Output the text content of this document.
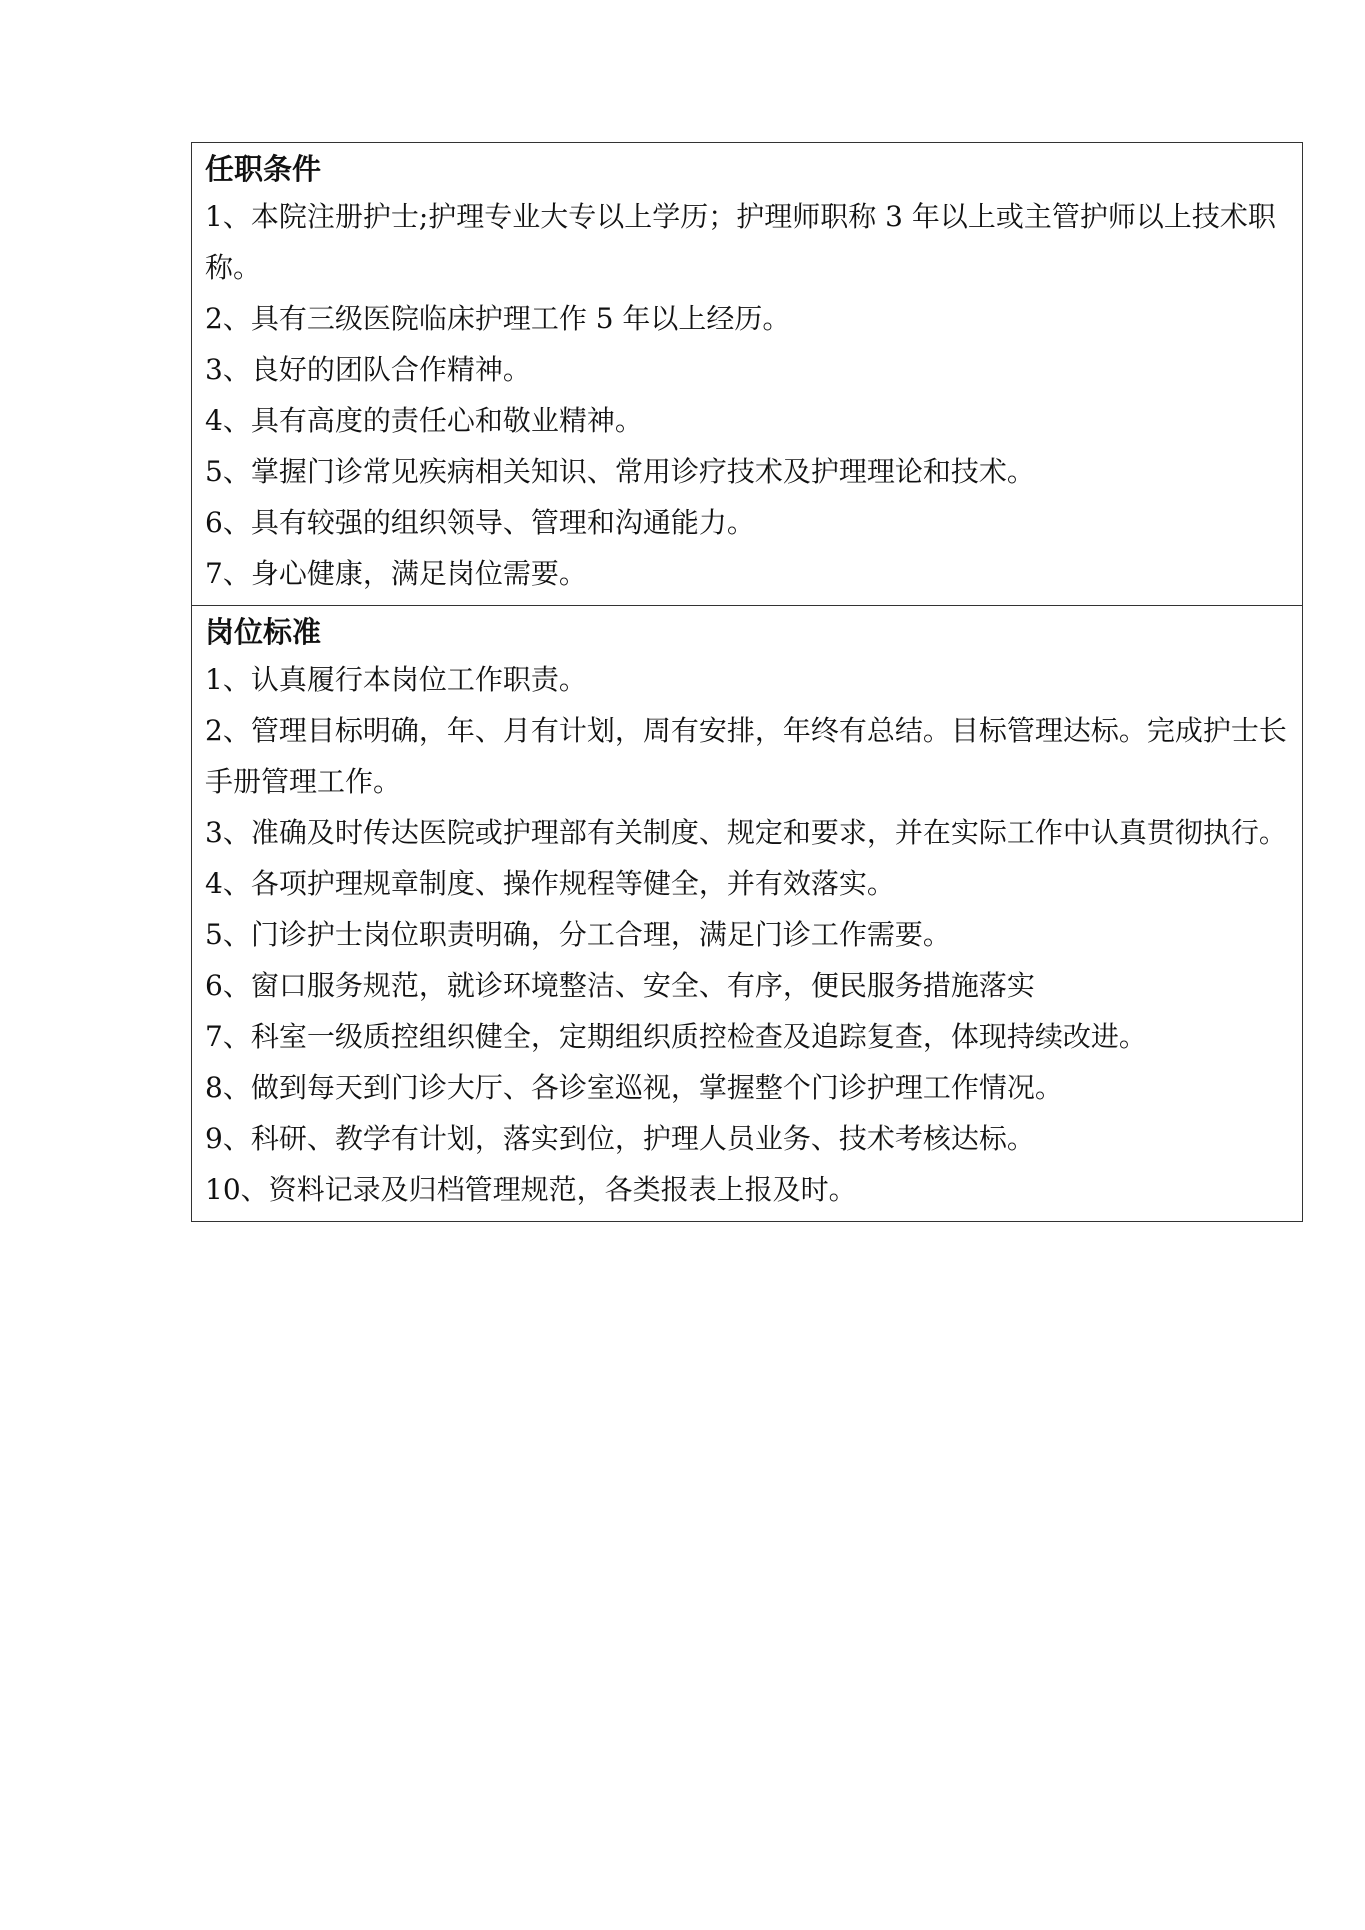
任职条件
1、本院注册护士;护理专业大专以上学历；护理师职称 3 年以上或主管护师以上技术职称。
2、具有三级医院临床护理工作 5 年以上经历。
3、良好的团队合作精神。
4、具有高度的责任心和敬业精神。
5、掌握门诊常见疾病相关知识、常用诊疗技术及护理理论和技术。
6、具有较强的组织领导、管理和沟通能力。
7、身心健康，满足岗位需要。
岗位标准
1、认真履行本岗位工作职责。
2、管理目标明确，年、月有计划，周有安排，年终有总结。目标管理达标。完成护士长手册管理工作。
3、准确及时传达医院或护理部有关制度、规定和要求，并在实际工作中认真贯彻执行。
4、各项护理规章制度、操作规程等健全，并有效落实。
5、门诊护士岗位职责明确，分工合理，满足门诊工作需要。
6、窗口服务规范，就诊环境整洁、安全、有序，便民服务措施落实
7、科室一级质控组织健全，定期组织质控检查及追踪复查，体现持续改进。
8、做到每天到门诊大厅、各诊室巡视，掌握整个门诊护理工作情况。
9、科研、教学有计划，落实到位，护理人员业务、技术考核达标。
10、资料记录及归档管理规范，各类报表上报及时。
